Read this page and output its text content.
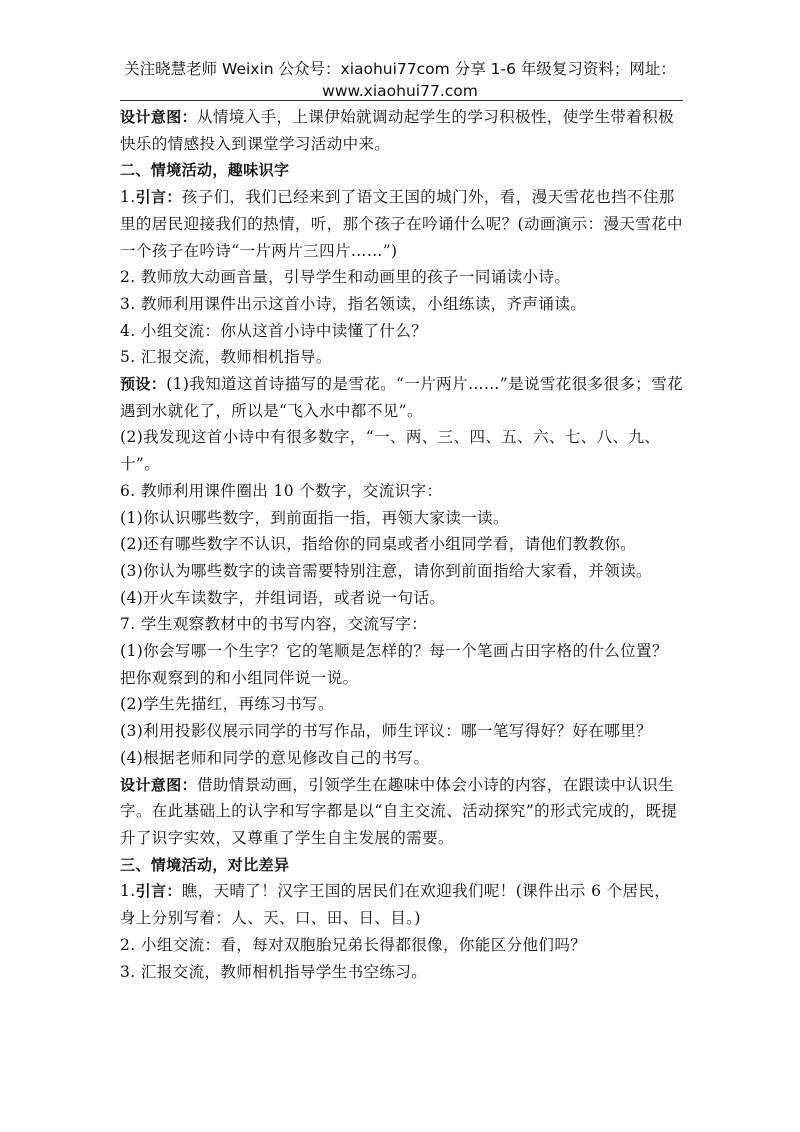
关注晓慧老师 Weixin 公众号：xiaohui77com 分享 1-6 年级复习资料；网址：
www.xiaohui77.com

设计意图：从情境入手，上课伊始就调动起学生的学习积极性，使学生带着积极快乐的情感投入到课堂学习活动中来。

二、情境活动，趣味识字

1.引言：孩子们，我们已经来到了语文王国的城门外，看，漫天雪花也挡不住那里的居民迎接我们的热情，听，那个孩子在吟诵什么呢？(动画演示：漫天雪花中一个孩子在吟诗“一片两片三四片……”)

2. 教师放大动画音量，引导学生和动画里的孩子一同诵读小诗。

3. 教师利用课件出示这首小诗，指名领读，小组练读，齐声诵读。

4. 小组交流：你从这首小诗中读懂了什么？

5. 汇报交流，教师相机指导。

预设：(1)我知道这首诗描写的是雪花。“一片两片……”是说雪花很多很多；雪花遇到水就化了，所以是“飞入水中都不见”。

(2)我发现这首小诗中有很多数字，“一、两、三、四、五、六、七、八、九、十”。

6. 教师利用课件圈出 10 个数字，交流识字：

(1)你认识哪些数字，到前面指一指，再领大家读一读。

(2)还有哪些数字不认识，指给你的同桌或者小组同学看，请他们教教你。

(3)你认为哪些数字的读音需要特别注意，请你到前面指给大家看，并领读。

(4)开火车读数字，并组词语，或者说一句话。

7. 学生观察教材中的书写内容，交流写字：

(1)你会写哪一个生字？它的笔顺是怎样的？每一个笔画占田字格的什么位置？把你观察到的和小组同伴说一说。

(2)学生先描红，再练习书写。

(3)利用投影仪展示同学的书写作品，师生评议：哪一笔写得好？好在哪里？

(4)根据老师和同学的意见修改自己的书写。

设计意图：借助情景动画，引领学生在趣味中体会小诗的内容，在跟读中认识生字。在此基础上的认字和写字都是以“自主交流、活动探究”的形式完成的，既提升了识字实效，又尊重了学生自主发展的需要。

三、情境活动，对比差异

1.引言：瞧，天晴了！汉字王国的居民们在欢迎我们呢！(课件出示 6 个居民，身上分别写着：人、天、口、田、日、目。)

2. 小组交流：看，每对双胞胎兄弟长得都很像，你能区分他们吗？

3. 汇报交流，教师相机指导学生书空练习。
